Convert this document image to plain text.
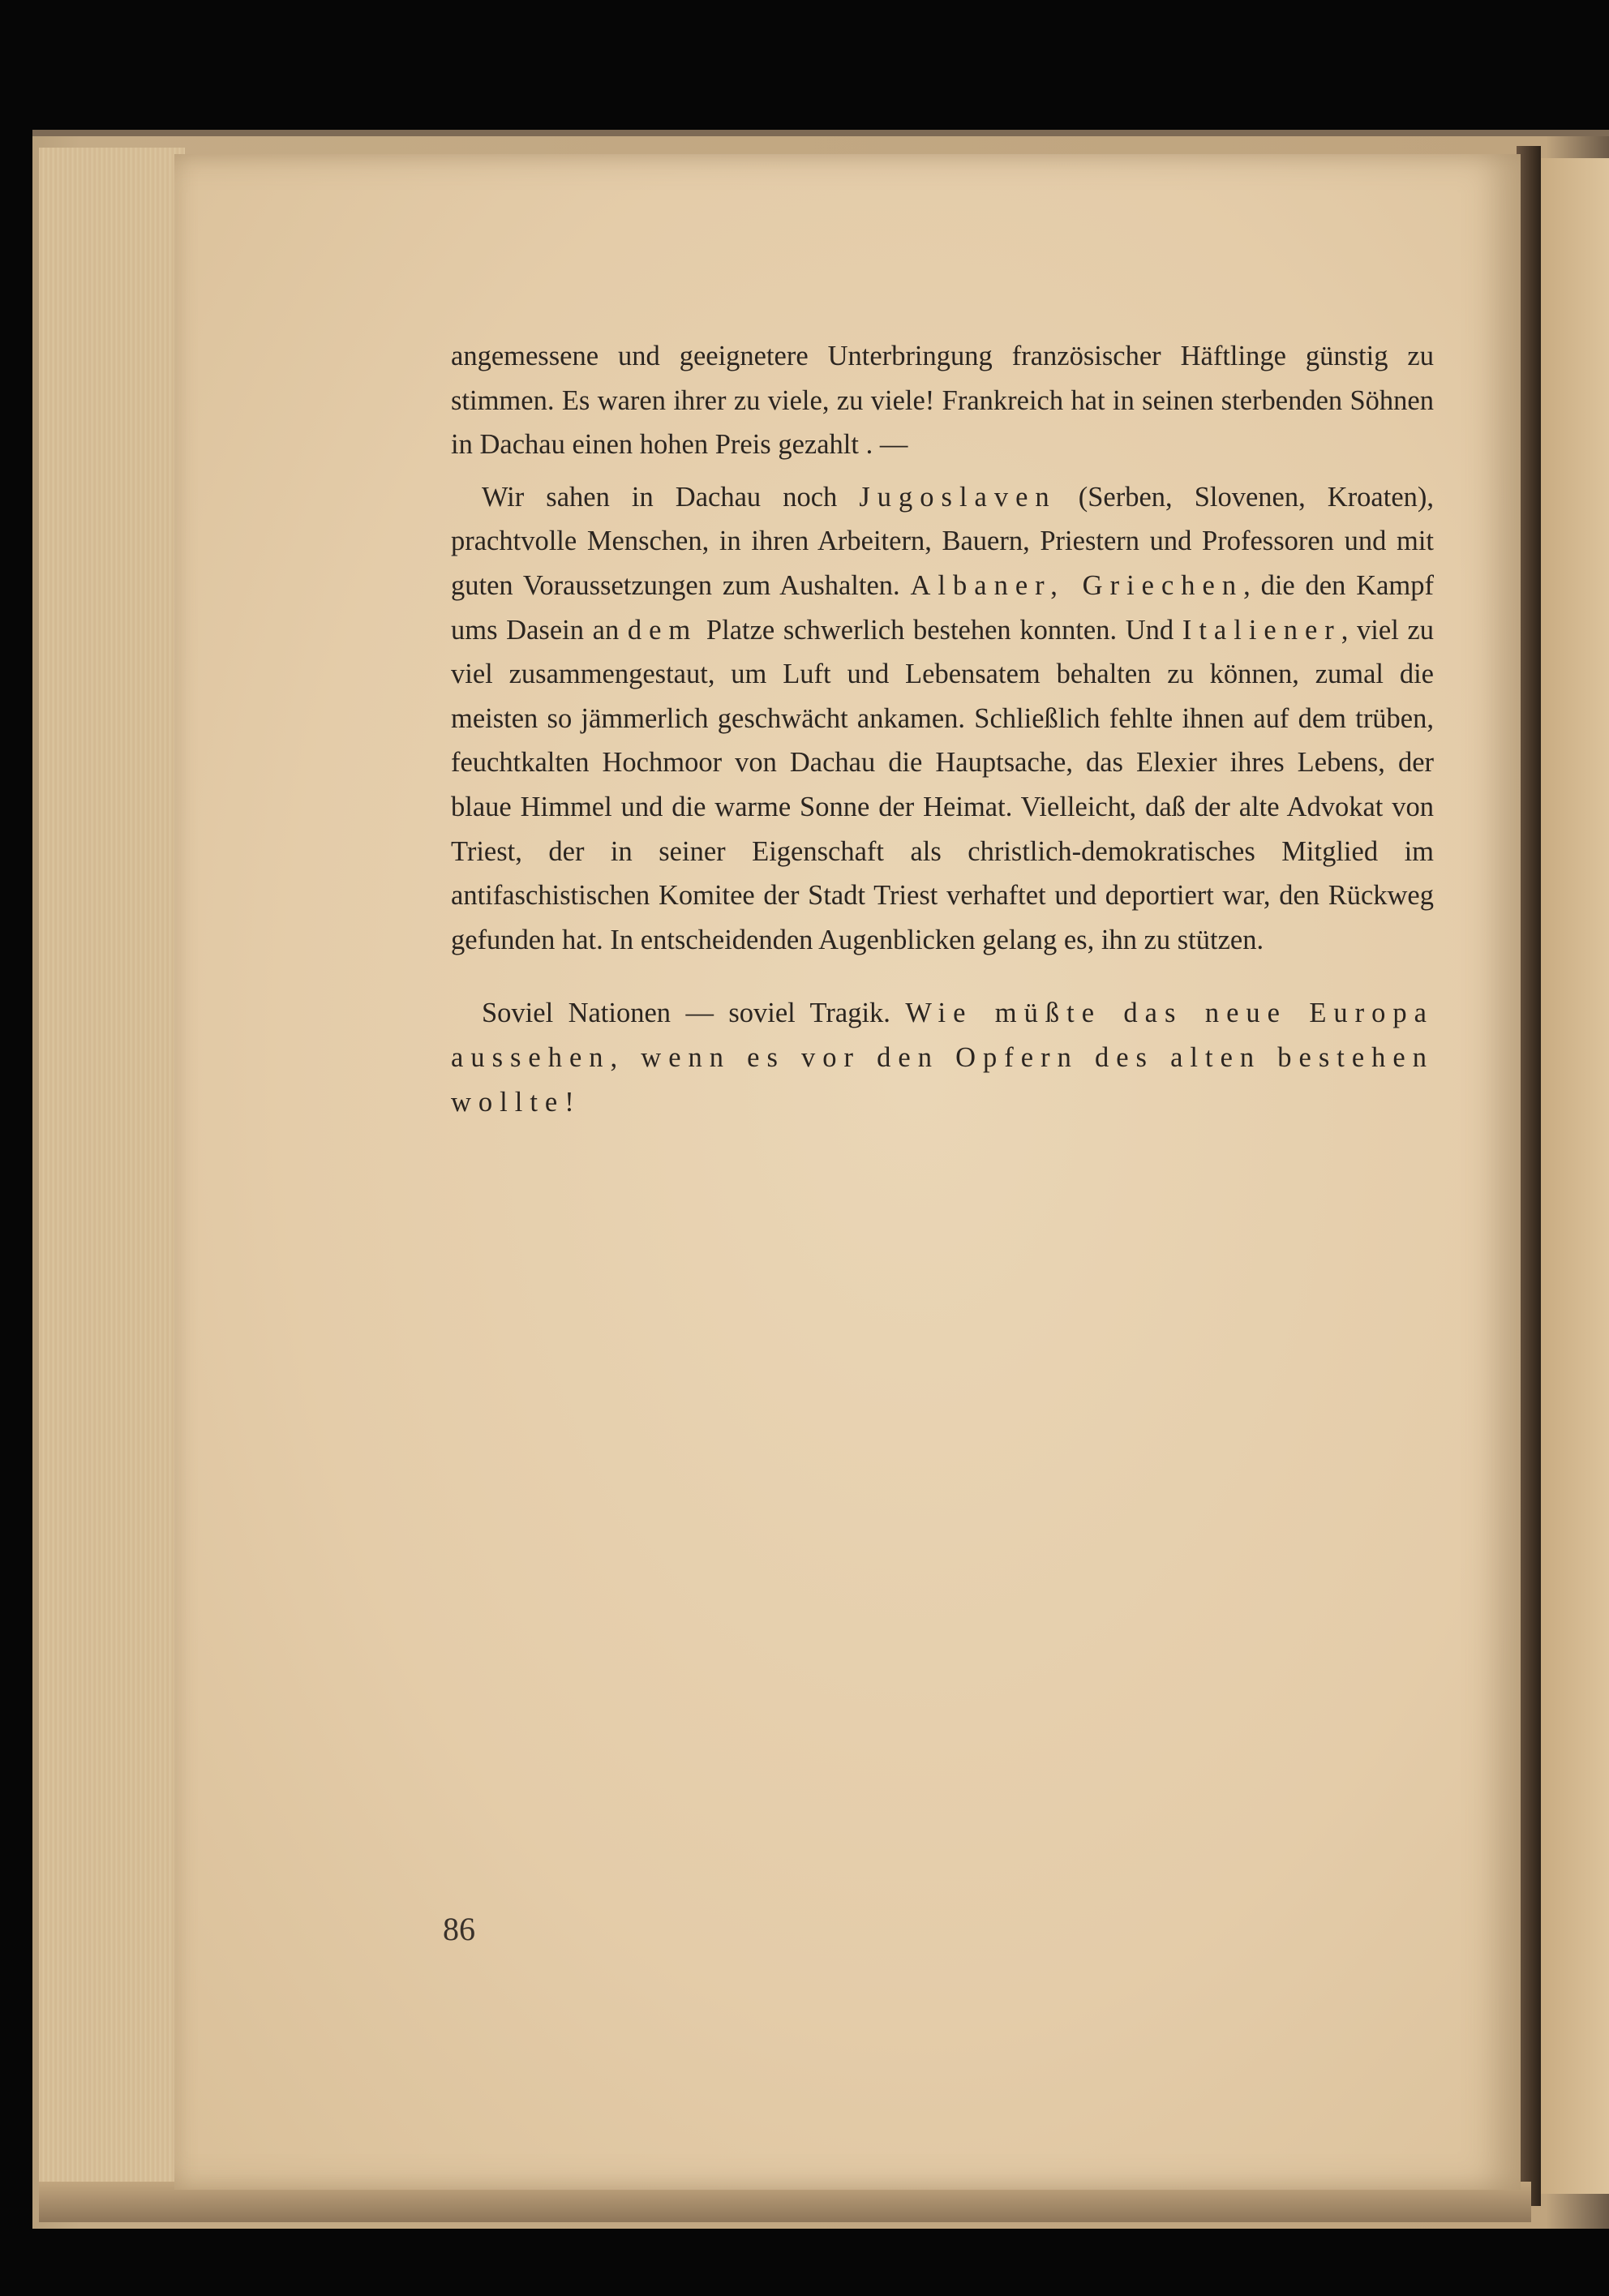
angemessene und geeignetere Unterbringung französischer Häftlinge günstig zu stimmen. Es waren ihrer zu viele, zu viele! Frankreich hat in seinen sterbenden Söhnen in Dachau einen hohen Preis gezahlt . —

Wir sahen in Dachau noch Jugoslaven (Serben, Slovenen, Kroaten), prachtvolle Menschen, in ihren Arbeitern, Bauern, Priestern und Professoren und mit guten Voraussetzungen zum Aushalten. Albaner, Griechen, die den Kampf ums Dasein an dem Platze schwerlich bestehen konnten. Und Italiener, viel zu viel zusammengestaut, um Luft und Lebensatem behalten zu können, zumal die meisten so jämmerlich geschwächt ankamen. Schließlich fehlte ihnen auf dem trüben, feuchtkalten Hochmoor von Dachau die Hauptsache, das Elexier ihres Lebens, der blaue Himmel und die warme Sonne der Heimat. Vielleicht, daß der alte Advokat von Triest, der in seiner Eigenschaft als christlich-demokratisches Mitglied im antifaschistischen Komitee der Stadt Triest verhaftet und deportiert war, den Rückweg gefunden hat. In entscheidenden Augenblicken gelang es, ihn zu stützen.

Soviel Nationen — soviel Tragik. Wie müßte das neue Europa aussehen, wenn es vor den Opfern des alten bestehen wollte!

86
